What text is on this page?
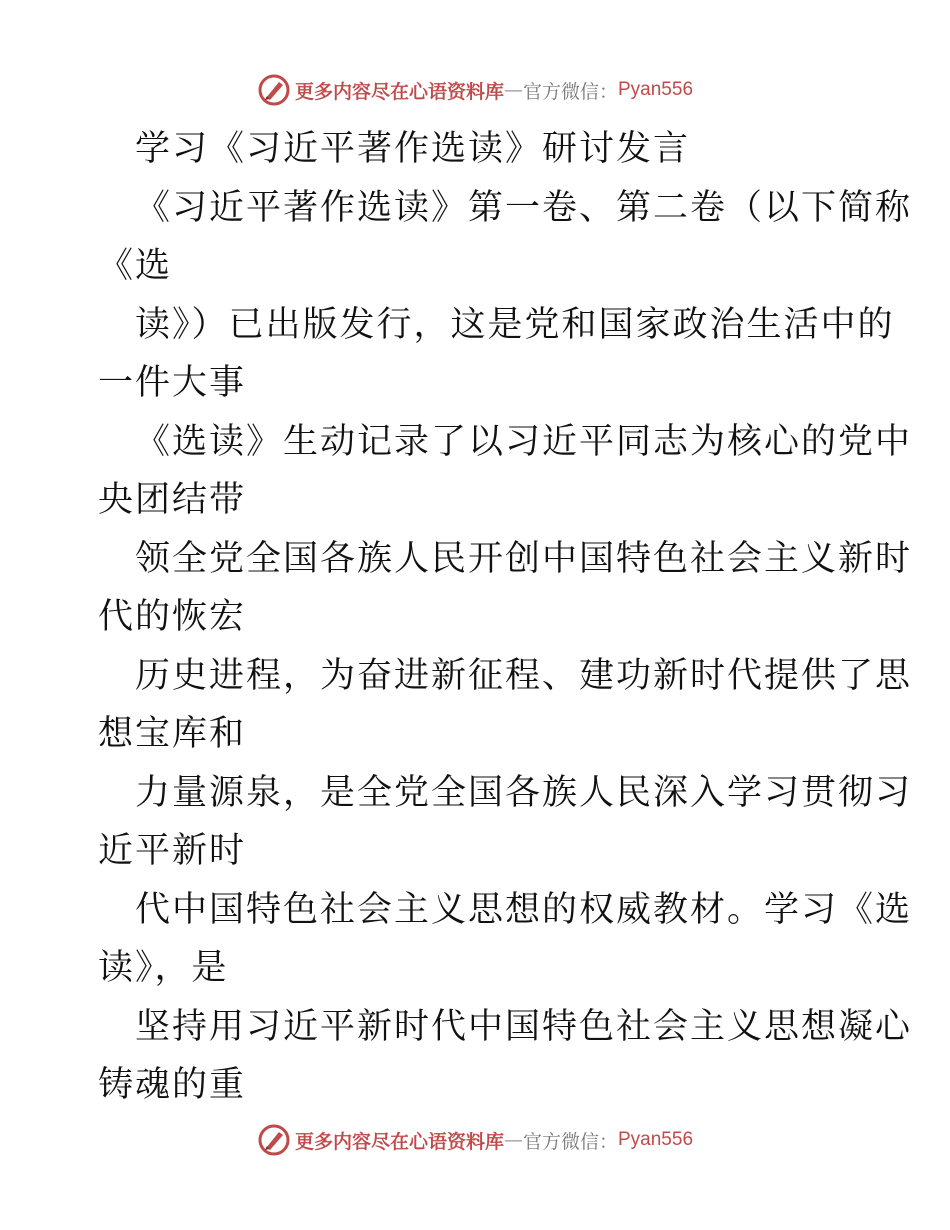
更多内容尽在心语资料库 — 官方微信： Pyan556
学习《习近平著作选读》研讨发言
《习近平著作选读》第一卷、第二卷（以下简称
《选
读》）已出版发行，这是党和国家政治生活中的
一件大事
《选读》生动记录了以习近平同志为核心的党中
央团结带
领全党全国各族人民开创中国特色社会主义新时
代的恢宏
历史进程，为奋进新征程、建功新时代提供了思
想宝库和
力量源泉，是全党全国各族人民深入学习贯彻习
近平新时
代中国特色社会主义思想的权威教材。学习《选
读》，是
坚持用习近平新时代中国特色社会主义思想凝心
铸魂的重
更多内容尽在心语资料库 — 官方微信： Pyan556
